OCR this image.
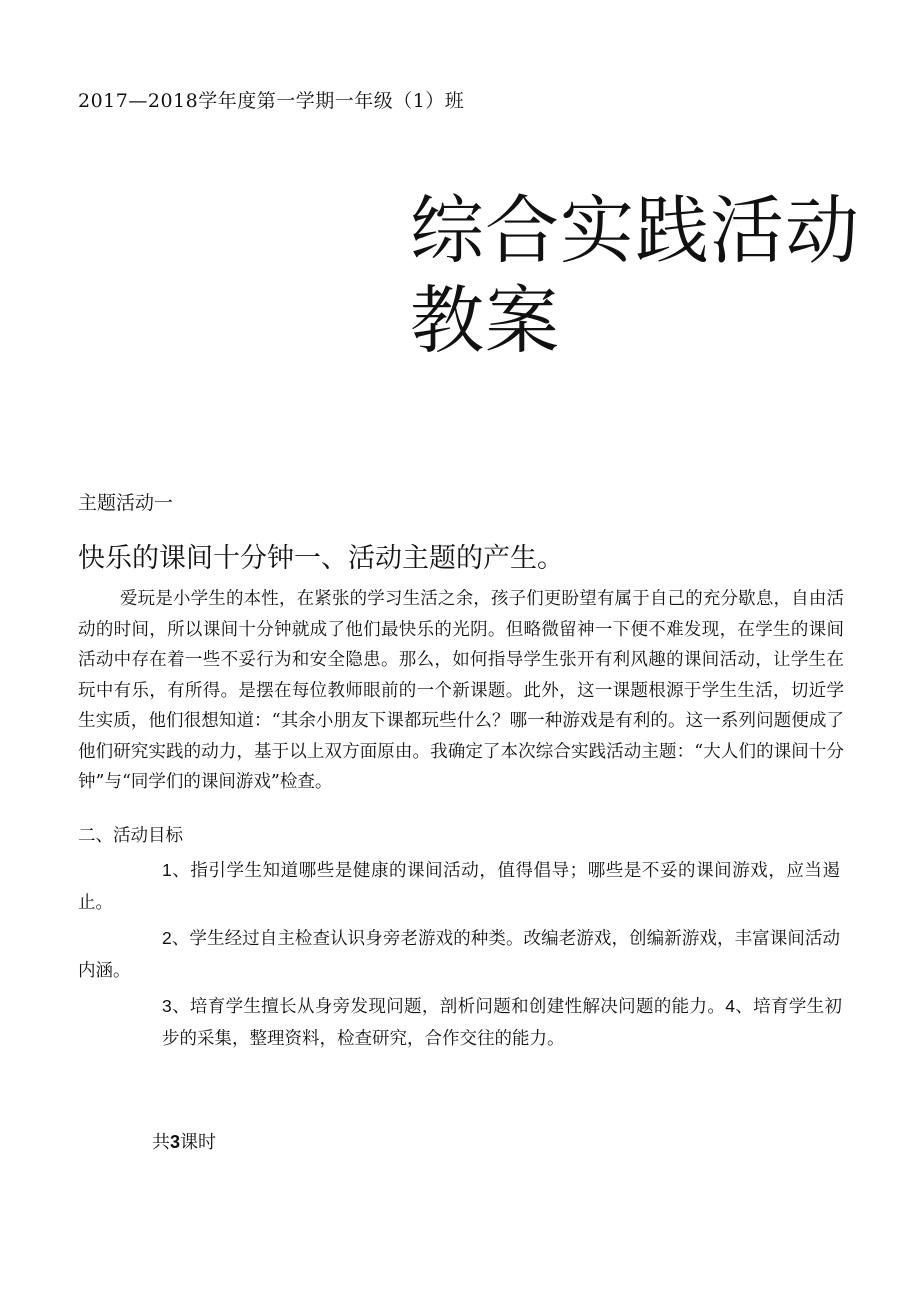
2017—2018学年度第一学期一年级（1）班
综合实践活动
教案
主题活动一
快乐的课间十分钟一、活动主题的产生。
爱玩是小学生的本性，在紧张的学习生活之余，孩子们更盼望有属于自己的充分歇息，自由活动的时间，所以课间十分钟就成了他们最快乐的光阴。但略微留神一下便不难发现，在学生的课间活动中存在着一些不妥行为和安全隐患。那么，如何指导学生张开有利风趣的课间活动，让学生在玩中有乐，有所得。是摆在每位教师眼前的一个新课题。此外，这一课题根源于学生生活，切近学生实质，他们很想知道：“其余小朋友下课都玩些什么？哪一种游戏是有利的。这一系列问题便成了他们研究实践的动力，基于以上双方面原由。我确定了本次综合实践活动主题：“大人们的课间十分钟”与“同学们的课间游戏”检查。
二、活动目标
1、指引学生知道哪些是健康的课间活动，值得倡导；哪些是不妥的课间游戏，应当遏止。
2、学生经过自主检查认识身旁老游戏的种类。改编老游戏，创编新游戏，丰富课间活动内涵。
3、培育学生擅长从身旁发现问题，剖析问题和创建性解决问题的能力。4、培育学生初步的采集，整理资料，检查研究，合作交往的能力。
共3课时
